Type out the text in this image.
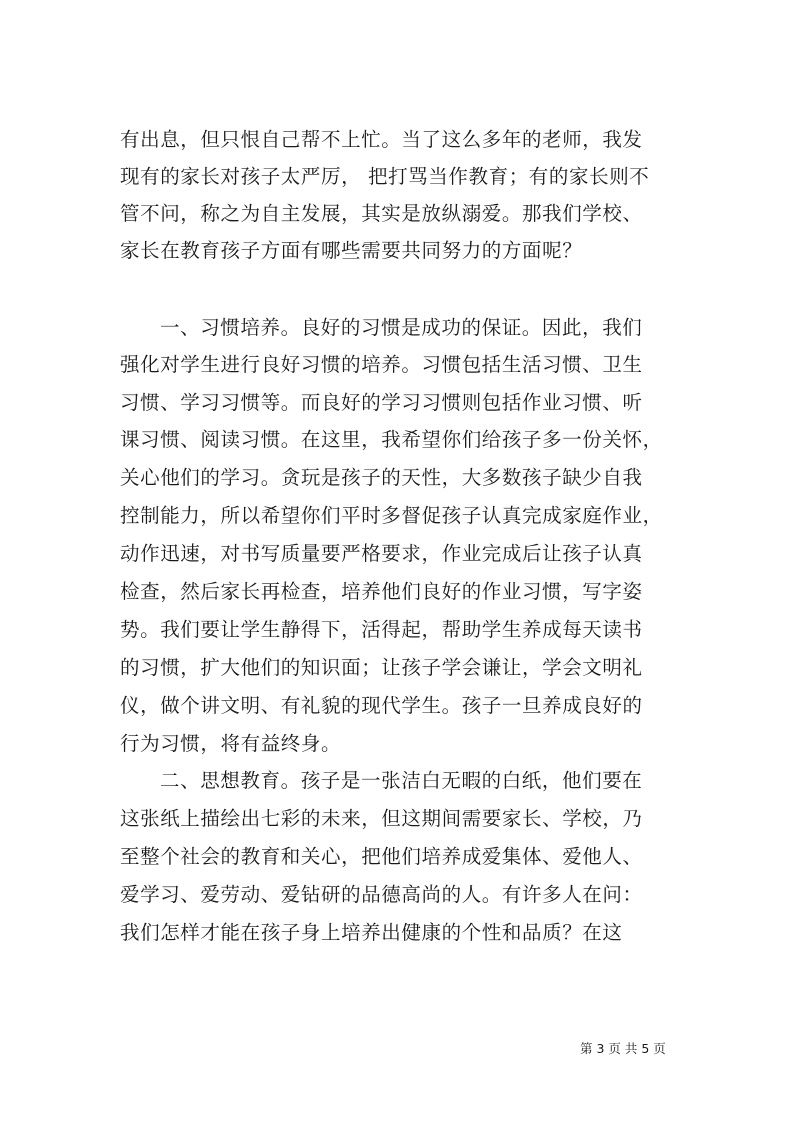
有出息，但只恨自己帮不上忙。当了这么多年的老师，我发
现有的家长对孩子太严厉， 把打骂当作教育；有的家长则不
管不问，称之为自主发展，其实是放纵溺爱。那我们学校、
家长在教育孩子方面有哪些需要共同努力的方面呢？
一、习惯培养。良好的习惯是成功的保证。因此，我们
强化对学生进行良好习惯的培养。习惯包括生活习惯、卫生
习惯、学习习惯等。而良好的学习习惯则包括作业习惯、听
课习惯、阅读习惯。在这里，我希望你们给孩子多一份关怀，
关心他们的学习。贪玩是孩子的天性，大多数孩子缺少自我
控制能力，所以希望你们平时多督促孩子认真完成家庭作业，
动作迅速，对书写质量要严格要求，作业完成后让孩子认真
检查，然后家长再检查，培养他们良好的作业习惯，写字姿
势。我们要让学生静得下，活得起，帮助学生养成每天读书
的习惯，扩大他们的知识面；让孩子学会谦让，学会文明礼
仪，做个讲文明、有礼貌的现代学生。孩子一旦养成良好的
行为习惯，将有益终身。
二、思想教育。孩子是一张洁白无暇的白纸，他们要在
这张纸上描绘出七彩的未来，但这期间需要家长、学校，乃
至整个社会的教育和关心，把他们培养成爱集体、爱他人、
爱学习、爱劳动、爱钻研的品德高尚的人。有许多人在问：
我们怎样才能在孩子身上培养出健康的个性和品质？在这
第 3 页 共 5 页
